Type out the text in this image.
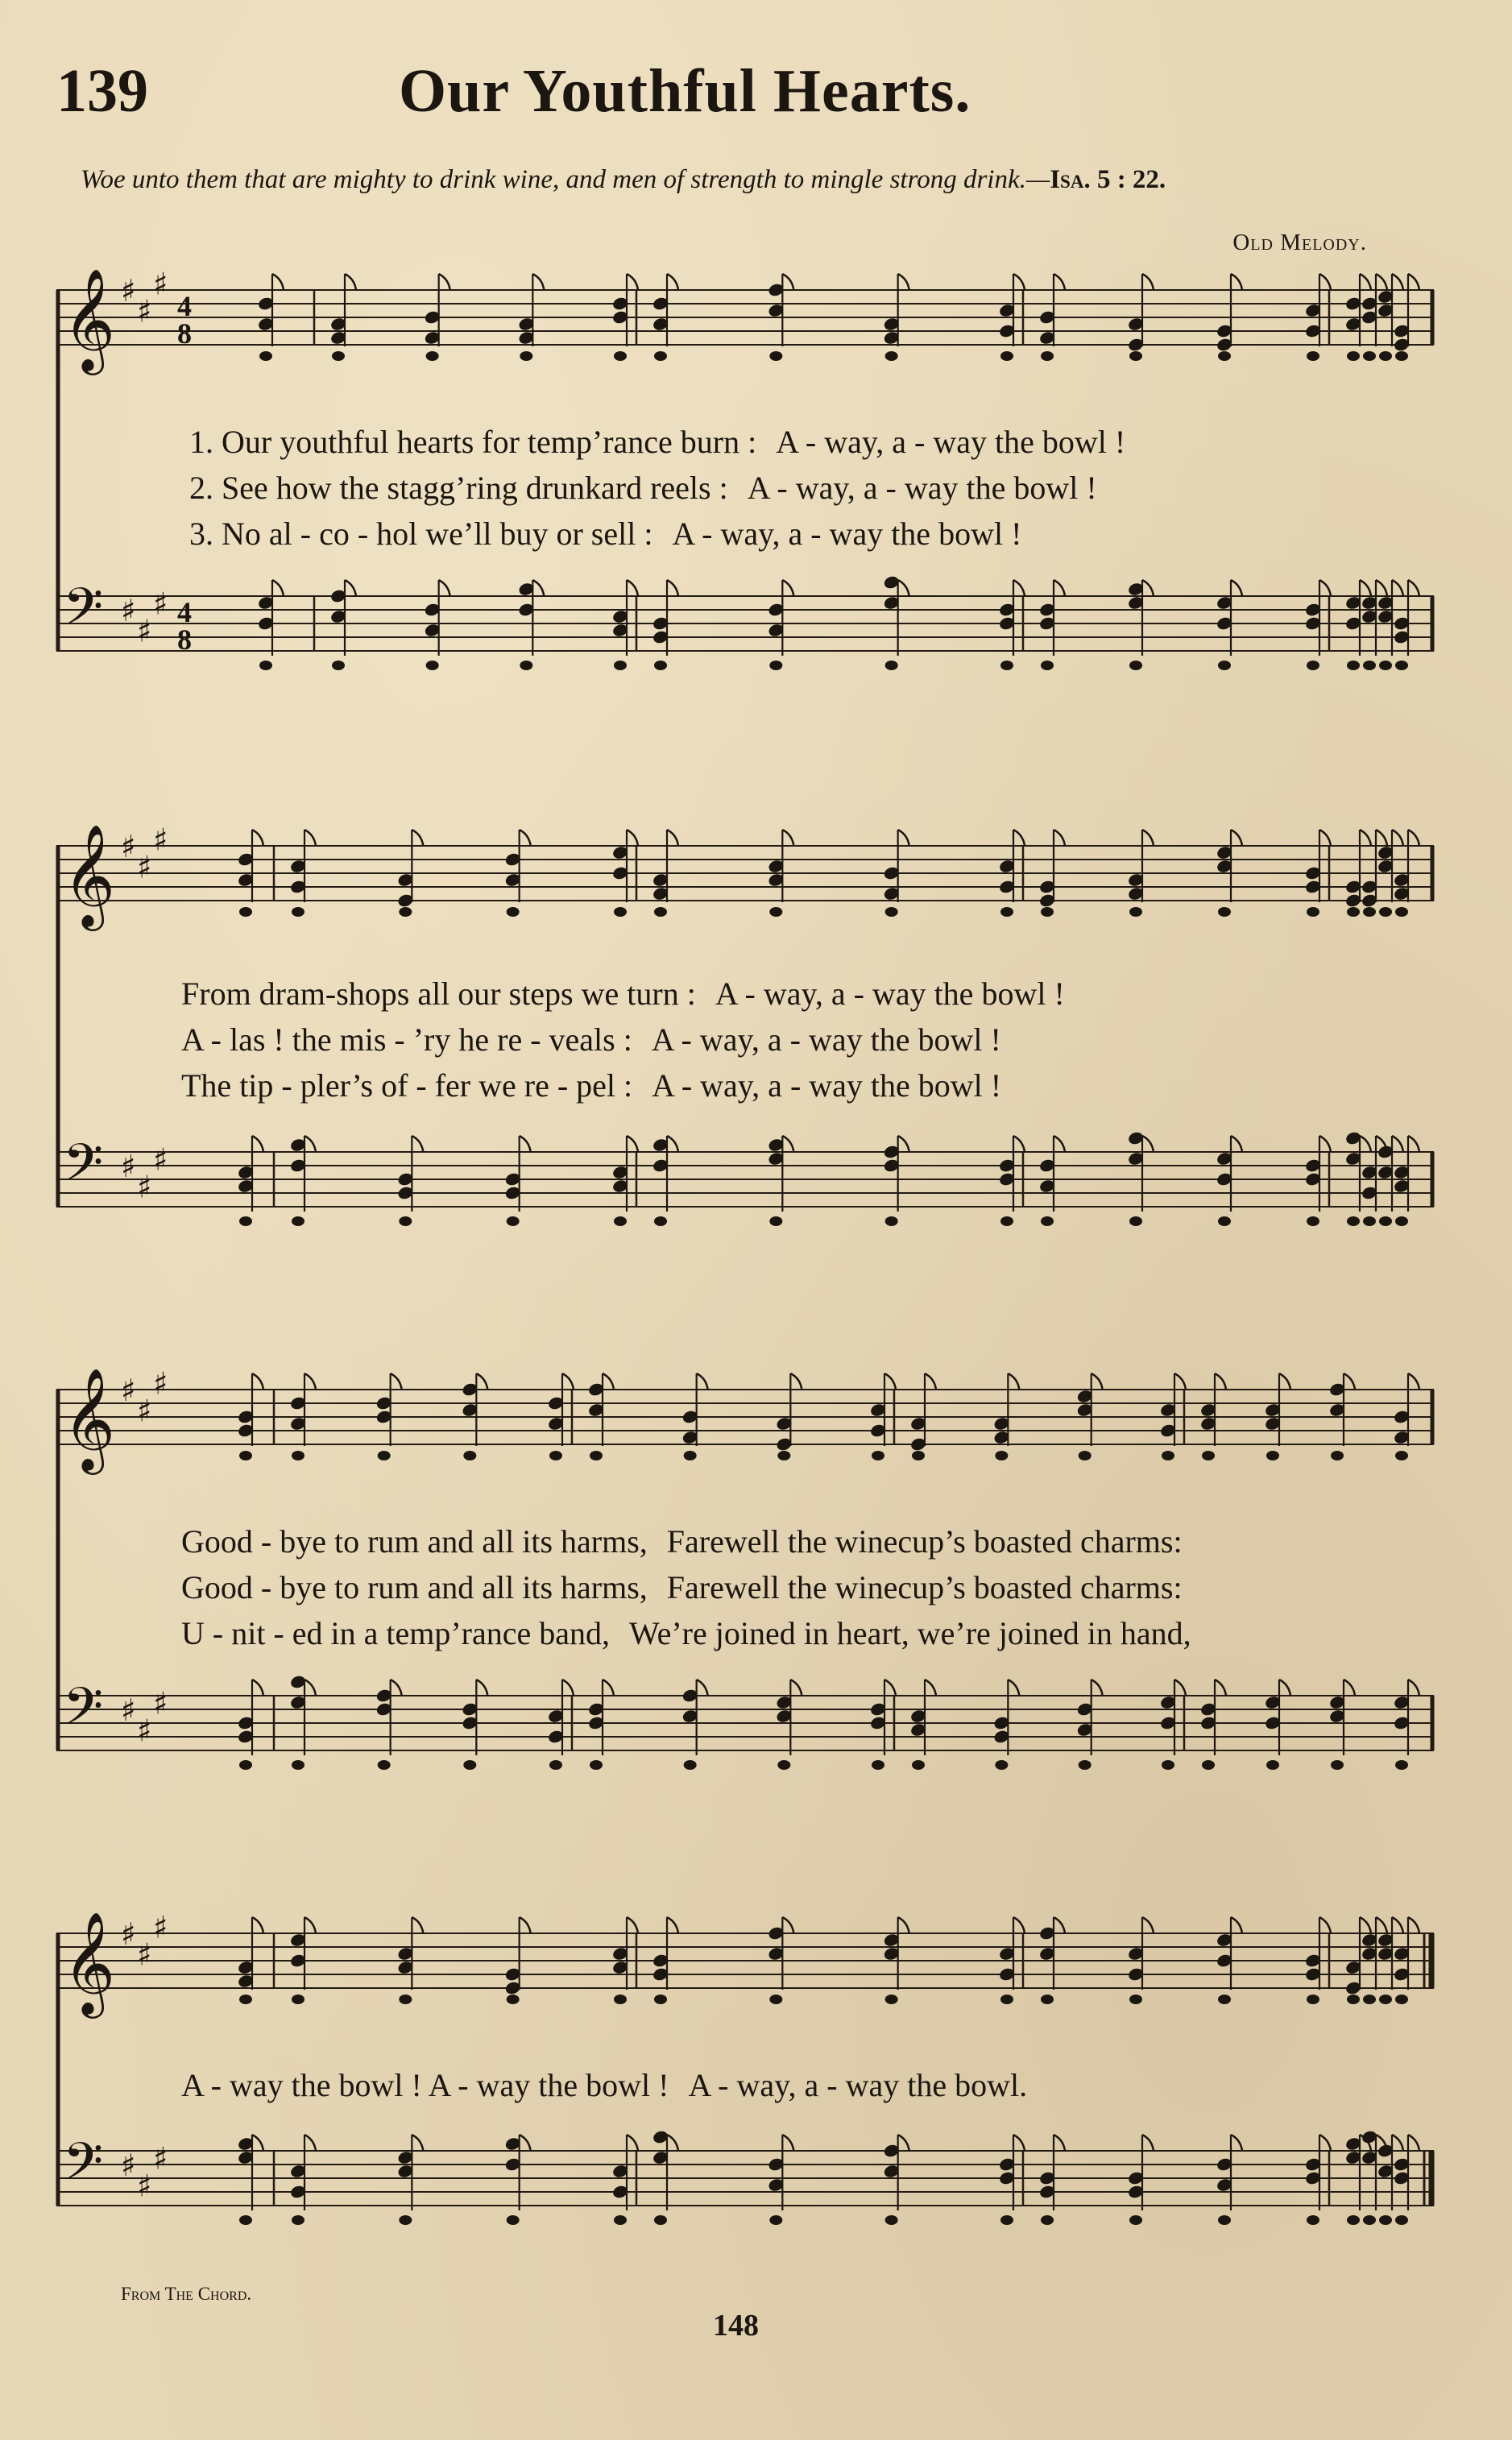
139	Our Youthful Hearts.
Woe unto them that are mighty to drink wine, and men of strength to mingle strong drink.—Isa. 5 : 22.
Old Melody.
𝄞 ♯
♯
♯
4
8
𝄢 ♯
♯
♯ 4
8
1. Our youthful hearts for temp’rance burn : A - way, a - way the bowl !
2. See how the stagg’ring drunkard reels : A - way, a - way the bowl !
3. No al - co - hol we’ll buy or sell : A - way, a - way the bowl !
𝄞 ♯
♯
♯
𝄢 ♯
♯
♯
From dram-shops all our steps we turn : A - way, a - way the bowl !
A - las ! the mis - ’ry he re - veals : A - way, a - way the bowl !
The tip - pler’s of - fer we re - pel : A - way, a - way the bowl !
𝄞 ♯
♯
♯
𝄢 ♯
♯
♯
Good - bye to rum and all its harms, Farewell the winecup’s boasted charms:
Good - bye to rum and all its harms, Farewell the winecup’s boasted charms:
U - nit - ed in a temp’rance band, We’re joined in heart, we’re joined in hand,
𝄞 ♯
♯
♯
𝄢 ♯
♯
♯
A - way the bowl ! A - way the bowl ! A - way, a - way the bowl.
From The Chord.
148
